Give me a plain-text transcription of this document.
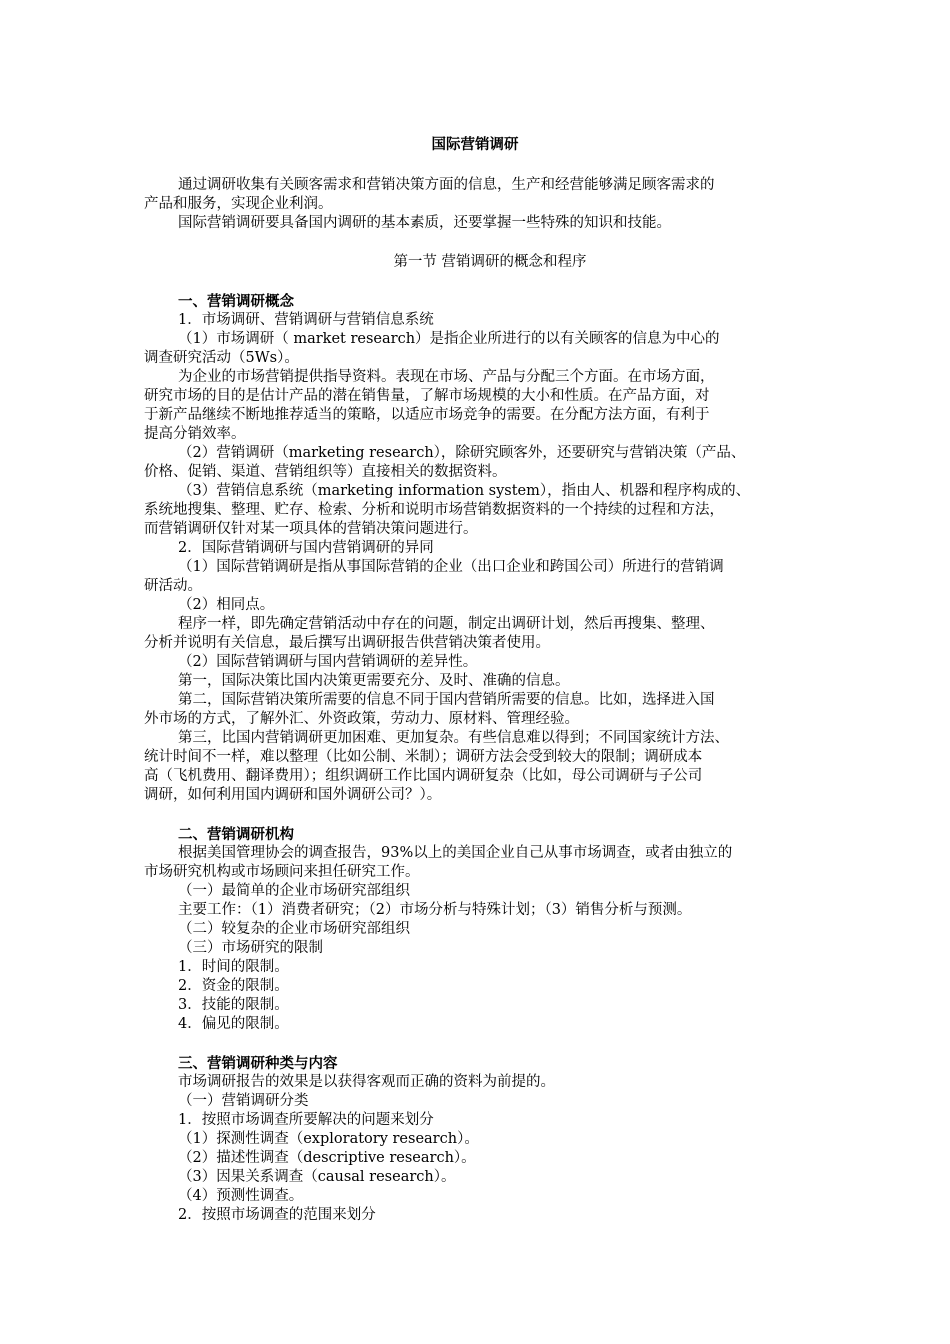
国际营销调研
通过调研收集有关顾客需求和营销决策方面的信息，生产和经营能够满足顾客需求的
产品和服务，实现企业利润。
国际营销调研要具备国内调研的基本素质，还要掌握一些特殊的知识和技能。
第一节 营销调研的概念和程序
一、营销调研概念
1．市场调研、营销调研与营销信息系统
（1）市场调研（ market research）是指企业所进行的以有关顾客的信息为中心的
调查研究活动（5Ws）。
为企业的市场营销提供指导资料。表现在市场、产品与分配三个方面。在市场方面，
研究市场的目的是估计产品的潜在销售量，了解市场规模的大小和性质。在产品方面，对
于新产品继续不断地推荐适当的策略，以适应市场竞争的需要。在分配方法方面，有利于
提高分销效率。
（2）营销调研（marketing research），除研究顾客外，还要研究与营销决策（产品、
价格、促销、渠道、营销组织等）直接相关的数据资料。
（3）营销信息系统（marketing information system），指由人、机器和程序构成的、
系统地搜集、整理、贮存、检索、分析和说明市场营销数据资料的一个持续的过程和方法，
而营销调研仅针对某一项具体的营销决策问题进行。
2．国际营销调研与国内营销调研的异同
（1）国际营销调研是指从事国际营销的企业（出口企业和跨国公司）所进行的营销调
研活动。
（2）相同点。
程序一样，即先确定营销活动中存在的问题，制定出调研计划，然后再搜集、整理、
分析并说明有关信息，最后撰写出调研报告供营销决策者使用。
（2）国际营销调研与国内营销调研的差异性。
第一，国际决策比国内决策更需要充分、及时、准确的信息。
第二，国际营销决策所需要的信息不同于国内营销所需要的信息。比如，选择进入国
外市场的方式，了解外汇、外资政策，劳动力、原材料、管理经验。
第三，比国内营销调研更加困难、更加复杂。有些信息难以得到；不同国家统计方法、
统计时间不一样，难以整理（比如公制、米制）；调研方法会受到较大的限制；调研成本
高（飞机费用、翻译费用）；组织调研工作比国内调研复杂（比如，母公司调研与子公司
调研，如何利用国内调研和国外调研公司？）。
二、营销调研机构
根据美国管理协会的调查报告，93%以上的美国企业自己从事市场调查，或者由独立的
市场研究机构或市场顾问来担任研究工作。
（一）最简单的企业市场研究部组织
主要工作：（1）消费者研究；（2）市场分析与特殊计划；（3）销售分析与预测。
（二）较复杂的企业市场研究部组织
（三）市场研究的限制
1．时间的限制。
2．资金的限制。
3．技能的限制。
4．偏见的限制。
三、营销调研种类与内容
市场调研报告的效果是以获得客观而正确的资料为前提的。
（一）营销调研分类
1．按照市场调查所要解决的问题来划分
（1）探测性调查（exploratory research）。
（2）描述性调查（descriptive research）。
（3）因果关系调查（causal research）。
（4）预测性调查。
2．按照市场调查的范围来划分
